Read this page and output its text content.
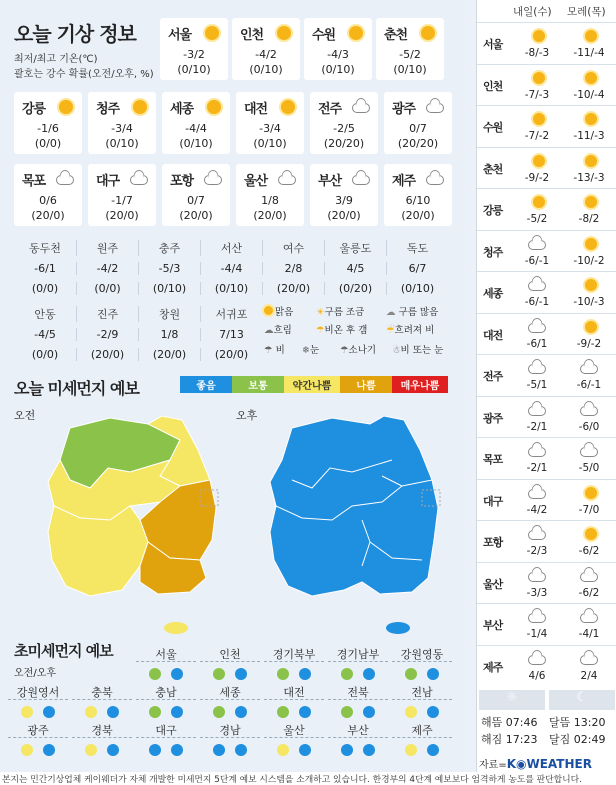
오늘 기상 정보
최저/최고 기온(℃)
괄호는 강수 확률(오전/오후, %)
서울
-3/2
(0/10)
인천
-4/2
(0/10)
수원
-4/3
(0/10)
춘천
-5/2
(0/10)
강릉
-1/6
(0/0)
청주
-3/4
(0/10)
세종
-4/4
(0/10)
대전
-3/4
(0/10)
전주
-2/5
(20/20)
광주
0/7
(20/20)
목포
0/6
(20/0)
대구
-1/7
(20/0)
포항
0/7
(20/0)
울산
1/8
(20/0)
부산
3/9
(20/0)
제주
6/10
(20/0)
동두천	원주	충주	서산	여수	울릉도	독도
-6/1	-4/2	-5/3	-4/4	2/8	4/5	6/7
(0/0)	(0/0)	(0/10)	(0/10)	(20/0)	(0/20)	(0/10)
안동	진주	창원	서귀포
-4/5	-2/9	1/8	7/13
(0/0)	(20/0)	(20/0)	(20/0)
맑음 ☀구름 조금 ☁ 구름 많음
☁흐림	☂비온 후 갬 ☔흐려져 비
☂ 비 ❄눈 ☂소나기 ☃비 또는 눈
오늘 미세먼지 예보	좋음	보통	약간나쁨	나쁨	매우나쁨
오전	오후
초미세먼지 예보
오전/오후
서울
	인천
	경기북부
	경기남부
	강원영동

강원영서
	충북
	충남
	세종
	대전
	전북
	전남

광주
	경북
	대구
	경남
	울산
	부산
	제주

내일(수) 모레(목)
서울
-8/-3	-11/-4
인천
-7/-3	-10/-4
수원
-7/-2	-11/-3
춘천
-9/-2	-13/-3
강릉
-5/2	-8/2
청주
-6/-1	-10/-2
세종
-6/-1	-10/-3
대전
-6/1	-9/-2
전주
-5/1	-6/-1
광주
-2/1	-6/0
목포
-2/1	-5/0
대구
-4/2	-7/0
포항
-2/3	-6/2
울산
-3/3	-6/2
부산
-1/4	-4/1
제주
4/6	2/4
☼	☾
해뜸 07:46 달뜸 13:20
해짐 17:23 달짐 02:49
자료=K◉WEATHER
본지는 민간기상업체 케이웨더가 자체 개발한 미세먼지 5단계 예보 시스템을 소개하고 있습니다. 한경부의 4단계 예보보다 엄격하게 농도를 판단합니다.
